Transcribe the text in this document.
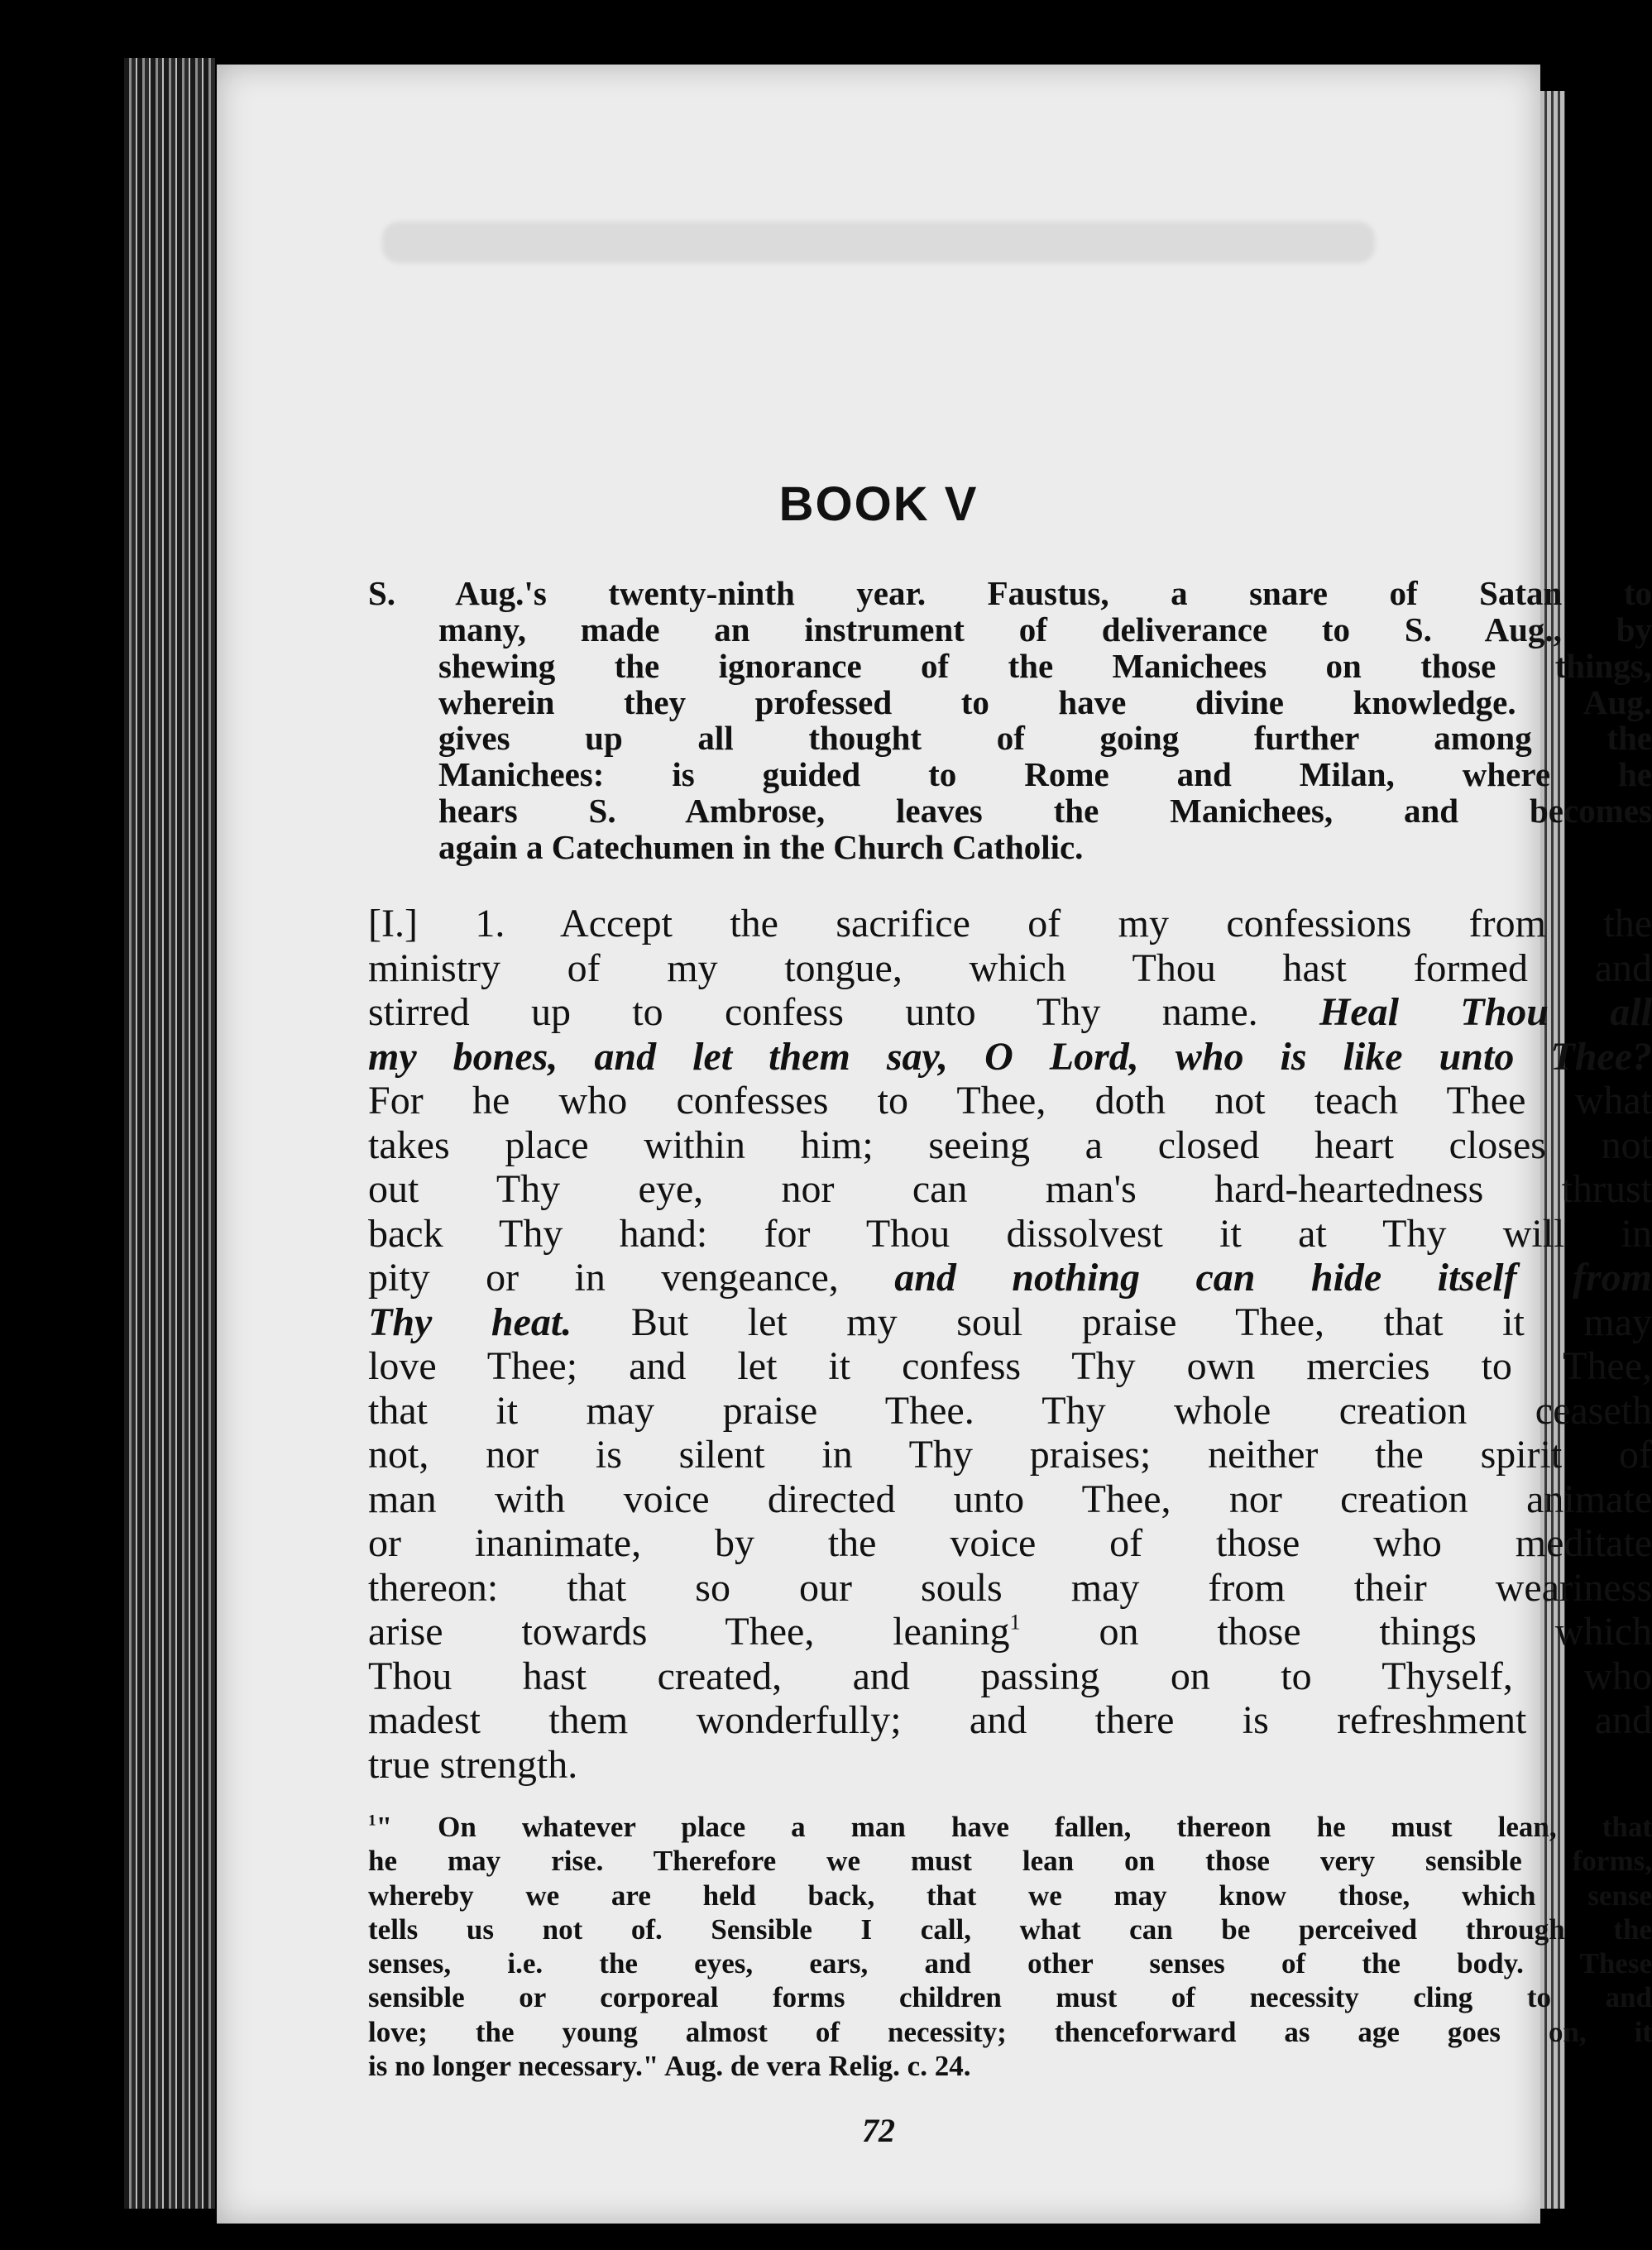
BOOK V
S. Aug.'s twenty-ninth year. Faustus, a snare of Satan to
many, made an instrument of deliverance to S. Aug., by
shewing the ignorance of the Manichees on those things,
wherein they professed to have divine knowledge. Aug.
gives up all thought of going further among the
Manichees: is guided to Rome and Milan, where he
hears S. Ambrose, leaves the Manichees, and becomes
again a Catechumen in the Church Catholic.
[I.] 1. Accept the sacrifice of my confessions from the
ministry of my tongue, which Thou hast formed and
stirred up to confess unto Thy name. Heal Thou all
my bones, and let them say, O Lord, who is like unto Thee?
For he who confesses to Thee, doth not teach Thee what
takes place within him; seeing a closed heart closes not
out Thy eye, nor can man's hard-heartedness thrust
back Thy hand: for Thou dissolvest it at Thy will in
pity or in vengeance, and nothing can hide itself from
Thy heat. But let my soul praise Thee, that it may
love Thee; and let it confess Thy own mercies to Thee,
that it may praise Thee. Thy whole creation ceaseth
not, nor is silent in Thy praises; neither the spirit of
man with voice directed unto Thee, nor creation animate
or inanimate, by the voice of those who meditate
thereon: that so our souls may from their weariness
arise towards Thee, leaning$^1$ on those things which
Thou hast created, and passing on to Thyself, who
madest them wonderfully; and there is refreshment and
true strength.
$^1$" On whatever place a man have fallen, thereon he must lean, that
he may rise. Therefore we must lean on those very sensible forms,
whereby we are held back, that we may know those, which sense
tells us not of. Sensible I call, what can be perceived through the
senses, i.e. the eyes, ears, and other senses of the body. These
sensible or corporeal forms children must of necessity cling to and
love; the young almost of necessity; thenceforward as age goes on, it
is no longer necessary." Aug. de vera Relig. c. 24.
72
